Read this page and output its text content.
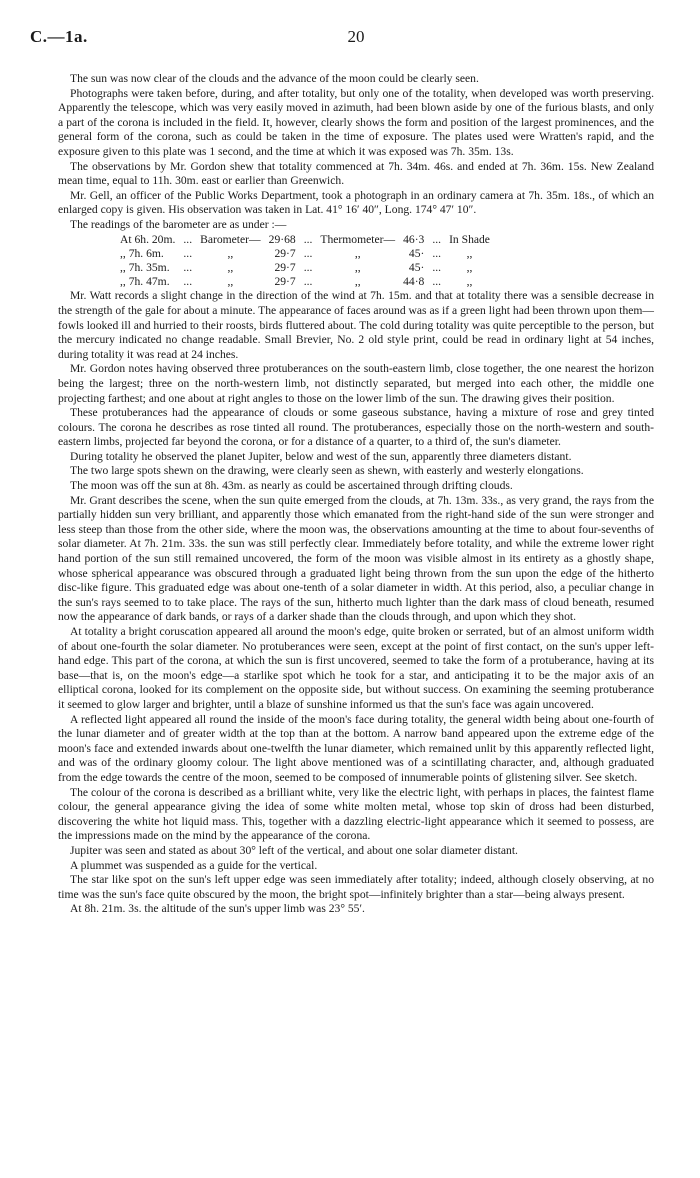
C.—1a.	20

The sun was now clear of the clouds and the advance of the moon could be clearly seen.

Photographs were taken before, during, and after totality, but only one of the totality, when developed was worth preserving. Apparently the telescope, which was very easily moved in azimuth, had been blown aside by one of the furious blasts, and only a part of the corona is included in the field. It, however, clearly shows the form and position of the largest prominences, and the general form of the corona, such as could be taken in the time of exposure. The plates used were Wratten's rapid, and the exposure given to this plate was 1 second, and the time at which it was exposed was 7h. 35m. 13s.

The observations by Mr. Gordon shew that totality commenced at 7h. 34m. 46s. and ended at 7h. 36m. 15s. New Zealand mean time, equal to 11h. 30m. east or earlier than Greenwich.

Mr. Gell, an officer of the Public Works Department, took a photograph in an ordinary camera at 7h. 35m. 18s., of which an enlarged copy is given. His observation was taken in Lat. 41° 16′ 40″, Long. 174° 47′ 10″.

The readings of the barometer are as under :—

At 6h. 20m.	...	Barometer—	29·68	...	Thermometer—	46·3	...	In Shade
,, 7h. 6m.	...	,,	29·7	...	,,	45·	...	,,
,, 7h. 35m.	...	,,	29·7	...	,,	45·	...	,,
,, 7h. 47m.	...	,,	29·7	...	,,	44·8	...	,,

Mr. Watt records a slight change in the direction of the wind at 7h. 15m. and that at totality there was a sensible decrease in the strength of the gale for about a minute. The appearance of faces around was as if a green light had been thrown upon them—fowls looked ill and hurried to their roosts, birds fluttered about. The cold during totality was quite perceptible to the person, but the mercury indicated no change readable. Small Brevier, No. 2 old style print, could be read in ordinary light at 54 inches, during totality it was read at 24 inches.

Mr. Gordon notes having observed three protuberances on the south-eastern limb, close together, the one nearest the horizon being the largest; three on the north-western limb, not distinctly separated, but merged into each other, the middle one projecting farthest; and one about at right angles to those on the lower limb of the sun. The drawing gives their position.

These protuberances had the appearance of clouds or some gaseous substance, having a mixture of rose and grey tinted colours. The corona he describes as rose tinted all round. The protuberances, especially those on the north-western and south-eastern limbs, projected far beyond the corona, or for a distance of a quarter, to a third of, the sun's diameter.

During totality he observed the planet Jupiter, below and west of the sun, apparently three diameters distant.

The two large spots shewn on the drawing, were clearly seen as shewn, with easterly and westerly elongations.

The moon was off the sun at 8h. 43m. as nearly as could be ascertained through drifting clouds.

Mr. Grant describes the scene, when the sun quite emerged from the clouds, at 7h. 13m. 33s., as very grand, the rays from the partially hidden sun very brilliant, and apparently those which emanated from the right-hand side of the sun were stronger and less steep than those from the other side, where the moon was, the observations amounting at the time to about four-sevenths of solar diameter. At 7h. 21m. 33s. the sun was still perfectly clear. Immediately before totality, and while the extreme lower right hand portion of the sun still remained uncovered, the form of the moon was visible almost in its entirety as a ghostly shape, whose spherical appearance was obscured through a graduated light being thrown from the sun upon the edge of the hitherto disc-like figure. This graduated edge was about one-tenth of a solar diameter in width. At this period, also, a peculiar change in the sun's rays seemed to to take place. The rays of the sun, hitherto much lighter than the dark mass of cloud beneath, resumed now the appearance of dark bands, or rays of a darker shade than the clouds through, and upon which they shot.

At totality a bright coruscation appeared all around the moon's edge, quite broken or serrated, but of an almost uniform width of about one-fourth the solar diameter. No protuberances were seen, except at the point of first contact, on the sun's upper left-hand edge. This part of the corona, at which the sun is first uncovered, seemed to take the form of a protuberance, having at its base—that is, on the moon's edge—a starlike spot which he took for a star, and anticipating it to be the major axis of an elliptical corona, looked for its complement on the opposite side, but without success. On examining the seeming protuberance it seemed to glow larger and brighter, until a blaze of sunshine informed us that the sun's face was again uncovered.

A reflected light appeared all round the inside of the moon's face during totality, the general width being about one-fourth of the lunar diameter and of greater width at the top than at the bottom. A narrow band appeared upon the extreme edge of the moon's face and extended inwards about one-twelfth the lunar diameter, which remained unlit by this apparently reflected light, and was of the ordinary gloomy colour. The light above mentioned was of a scintillating character, and, although graduated from the edge towards the centre of the moon, seemed to be composed of innumerable points of glistening silver. See sketch.

The colour of the corona is described as a brilliant white, very like the electric light, with perhaps in places, the faintest flame colour, the general appearance giving the idea of some white molten metal, whose top skin of dross had been disturbed, discovering the white hot liquid mass. This, together with a dazzling electric-light appearance which it seemed to possess, are the impressions made on the mind by the appearance of the corona.

Jupiter was seen and stated as about 30° left of the vertical, and about one solar diameter distant.

A plummet was suspended as a guide for the vertical.

The star like spot on the sun's left upper edge was seen immediately after totality; indeed, although closely observing, at no time was the sun's face quite obscured by the moon, the bright spot—infinitely brighter than a star—being always present.

At 8h. 21m. 3s. the altitude of the sun's upper limb was 23° 55′.
